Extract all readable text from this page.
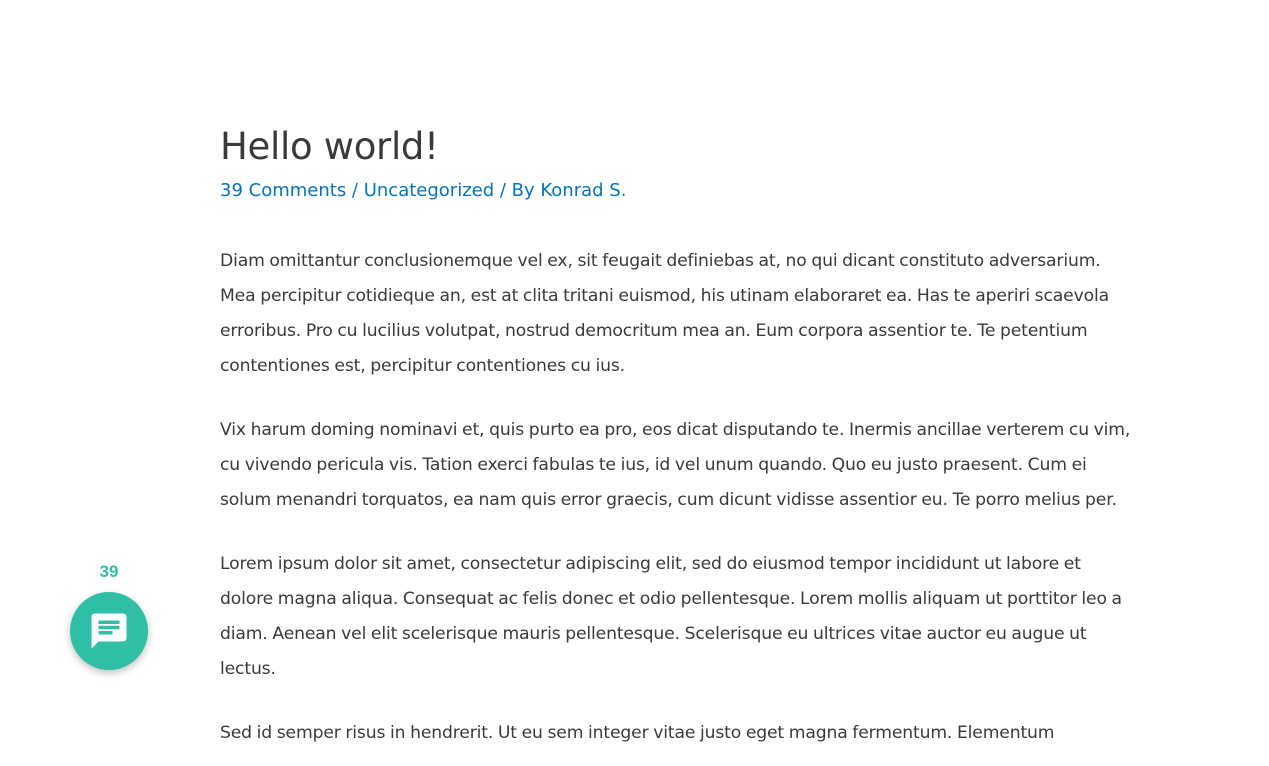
Hello world!
39 Comments / Uncategorized / By Konrad S.

Diam omittantur conclusionemque vel ex, sit feugait definiebas at, no qui dicant constituto adversarium. Mea percipitur cotidieque an, est at clita tritani euismod, his utinam elaboraret ea. Has te aperiri scaevola erroribus. Pro cu lucilius volutpat, nostrud democritum mea an. Eum corpora assentior te. Te petentium contentiones est, percipitur contentiones cu ius.

Vix harum doming nominavi et, quis purto ea pro, eos dicat disputando te. Inermis ancillae verterem cu vim, cu vivendo pericula vis. Tation exerci fabulas te ius, id vel unum quando. Quo eu justo praesent. Cum ei solum menandri torquatos, ea nam quis error graecis, cum dicunt vidisse assentior eu. Te porro melius per.

Lorem ipsum dolor sit amet, consectetur adipiscing elit, sed do eiusmod tempor incididunt ut labore et dolore magna aliqua. Consequat ac felis donec et odio pellentesque. Lorem mollis aliquam ut porttitor leo a diam. Aenean vel elit scelerisque mauris pellentesque. Scelerisque eu ultrices vitae auctor eu augue ut lectus.

Sed id semper risus in hendrerit. Ut eu sem integer vitae justo eget magna fermentum. Elementum

39
